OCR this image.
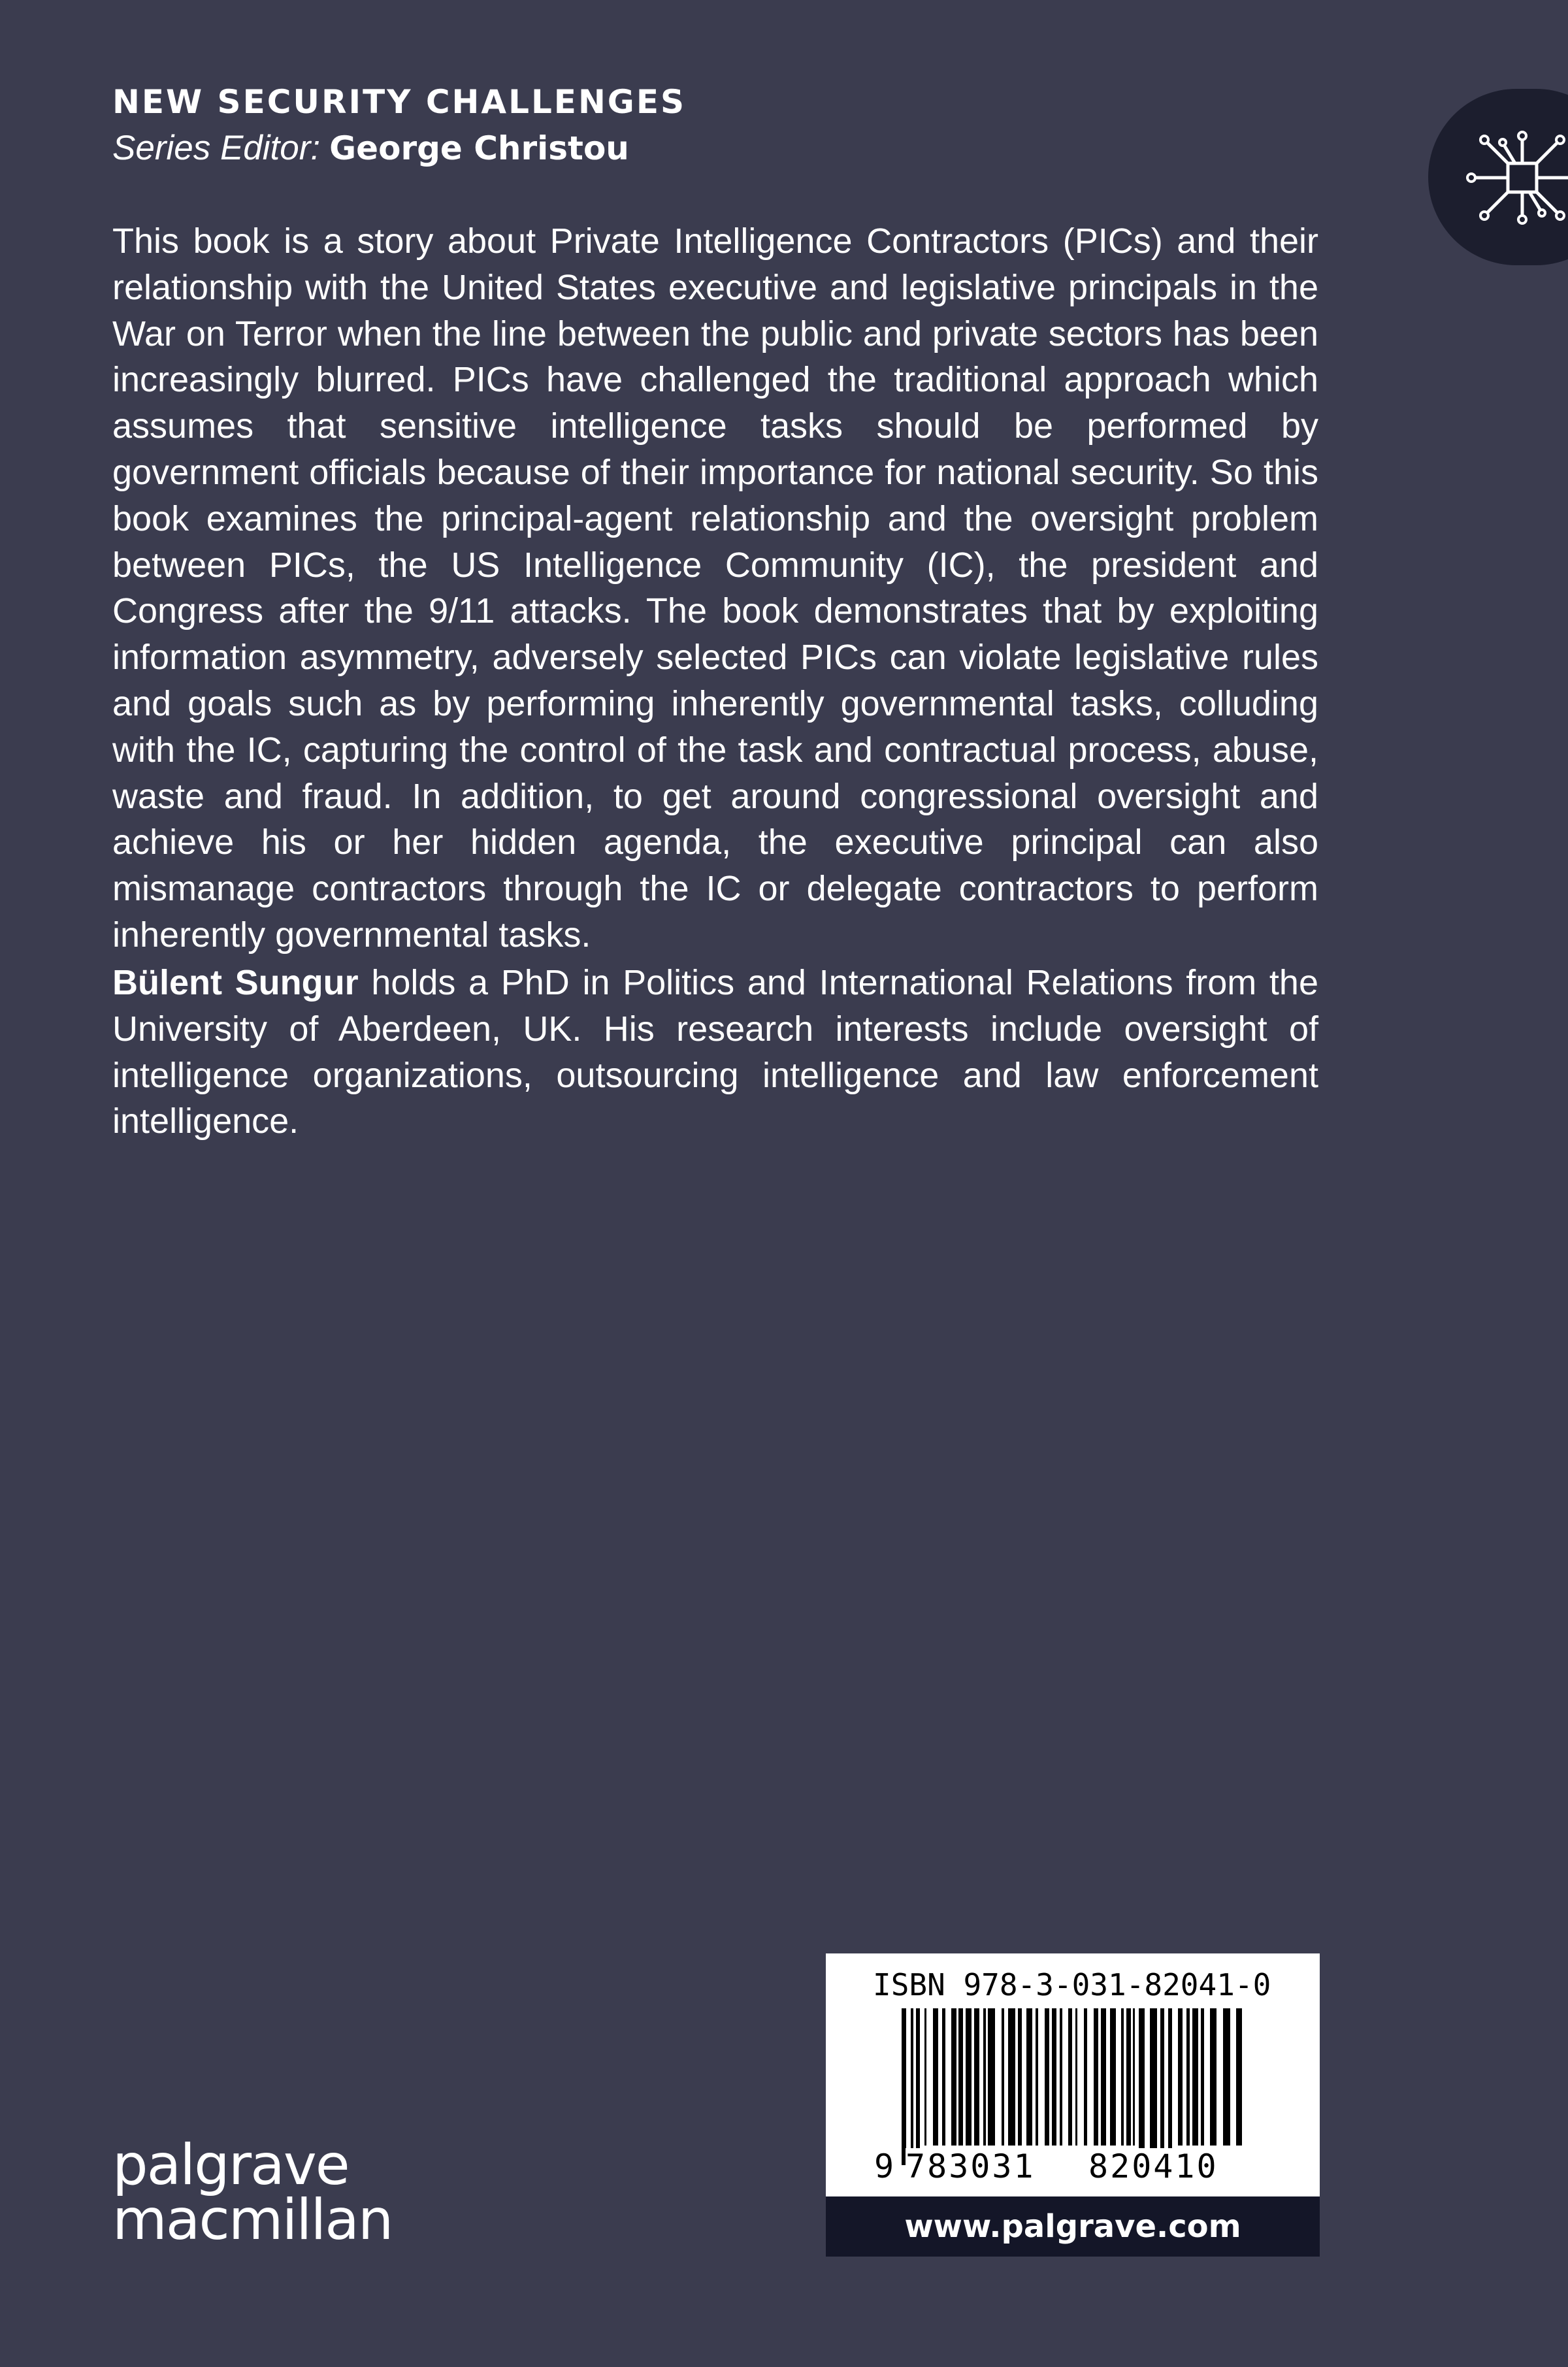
NEW SECURITY CHALLENGES
Series Editor: George Christou

This book is a story about Private Intelligence Contractors (PICs) and their relationship with the United States executive and legislative principals in the War on Terror when the line between the public and private sectors has been increasingly blurred. PICs have challenged the traditional approach which assumes that sensitive intelligence tasks should be performed by government officials because of their importance for national security. So this book examines the principal-agent relationship and the oversight problem between PICs, the US Intelligence Community (IC), the president and Congress after the 9/11 attacks. The book demonstrates that by exploiting information asymmetry, adversely selected PICs can violate legislative rules and goals such as by performing inherently governmental tasks, colluding with the IC, capturing the control of the task and contractual process, abuse, waste and fraud. In addition, to get around congressional oversight and achieve his or her hidden agenda, the executive principal can also mismanage contractors through the IC or delegate contractors to perform inherently governmental tasks.

Bülent Sungur holds a PhD in Politics and International Relations from the University of Aberdeen, UK. His research interests include oversight of intelligence organizations, outsourcing intelligence and law enforcement intelligence.

palgrave
macmillan
ISBN 978-3-031-82041-0
9 783031 820410
www.palgrave.com
